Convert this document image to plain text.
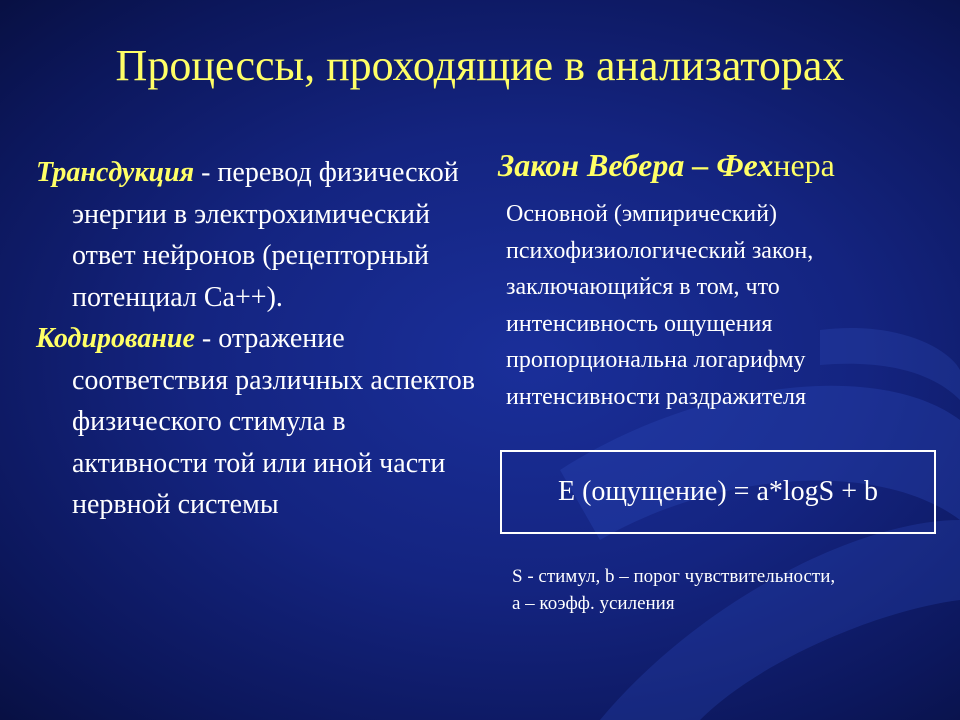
Процессы, проходящие в анализаторах

Трансдукция - перевод физической энергии в электрохимический ответ нейронов (рецепторный потенциал Ca++).

Кодирование - отражение соответствия различных аспектов физического стимула в активности той или иной части нервной системы

Закон Вебера – Фехнера
Основной (эмпирический) психофизиологический закон, заключающийся в том, что интенсивность ощущения пропорциональна логарифму интенсивности раздражителя
E (ощущение) = a*logS + b
S - стимул, b – порог чувствительности,
a – коэфф. усиления
